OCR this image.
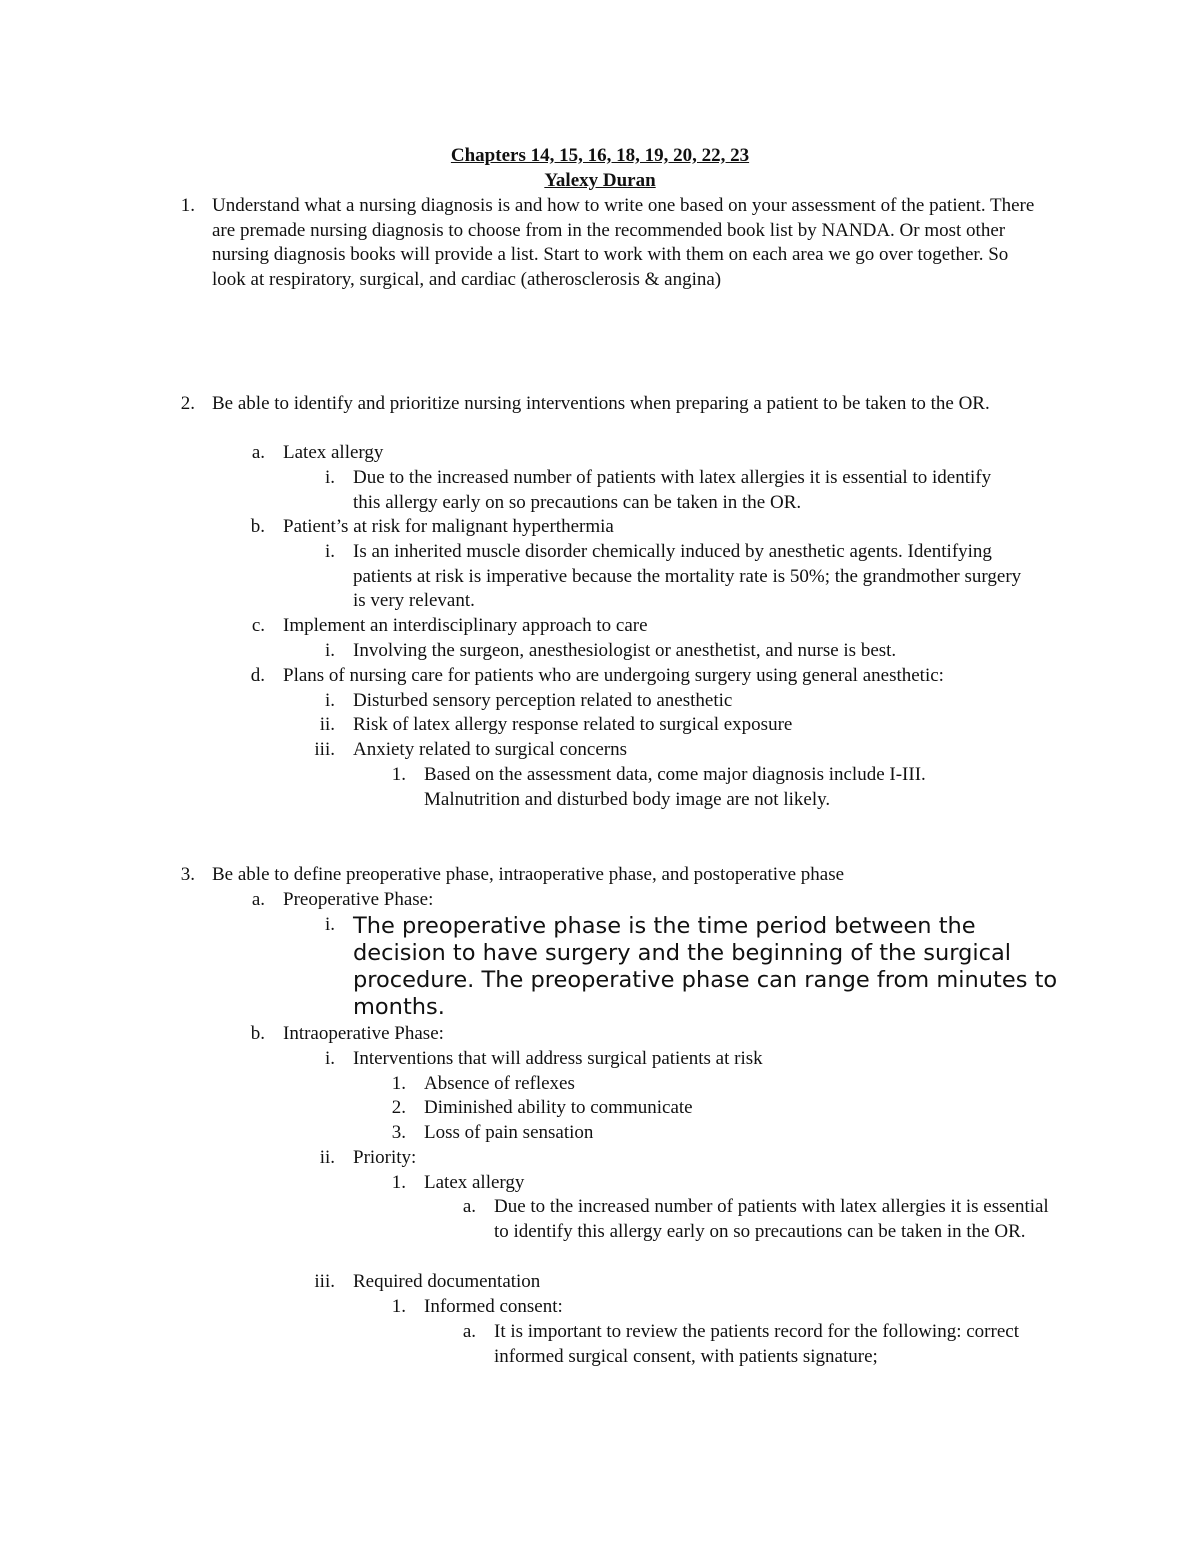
Chapters 14, 15, 16, 18, 19, 20, 22, 23
Yalexy Duran
1. Understand what a nursing diagnosis is and how to write one based on your assessment of the patient. There are premade nursing diagnosis to choose from in the recommended book list by NANDA. Or most other nursing diagnosis books will provide a list. Start to work with them on each area we go over together. So look at respiratory, surgical, and cardiac (atherosclerosis & angina)
2. Be able to identify and prioritize nursing interventions when preparing a patient to be taken to the OR.
a. Latex allergy
i. Due to the increased number of patients with latex allergies it is essential to identify this allergy early on so precautions can be taken in the OR.
b. Patient’s at risk for malignant hyperthermia
i. Is an inherited muscle disorder chemically induced by anesthetic agents. Identifying patients at risk is imperative because the mortality rate is 50%; the grandmother surgery is very relevant.
c. Implement an interdisciplinary approach to care
i. Involving the surgeon, anesthesiologist or anesthetist, and nurse is best.
d. Plans of nursing care for patients who are undergoing surgery using general anesthetic:
i. Disturbed sensory perception related to anesthetic
ii. Risk of latex allergy response related to surgical exposure
iii. Anxiety related to surgical concerns
1. Based on the assessment data, come major diagnosis include I-III. Malnutrition and disturbed body image are not likely.
3. Be able to define preoperative phase, intraoperative phase, and postoperative phase
a. Preoperative Phase:
i. The preoperative phase is the time period between the decision to have surgery and the beginning of the surgical procedure. The preoperative phase can range from minutes to months.
b. Intraoperative Phase:
i. Interventions that will address surgical patients at risk
1. Absence of reflexes
2. Diminished ability to communicate
3. Loss of pain sensation
ii. Priority:
1. Latex allergy
a. Due to the increased number of patients with latex allergies it is essential to identify this allergy early on so precautions can be taken in the OR.
iii. Required documentation
1. Informed consent:
a. It is important to review the patients record for the following: correct informed surgical consent, with patients signature;
